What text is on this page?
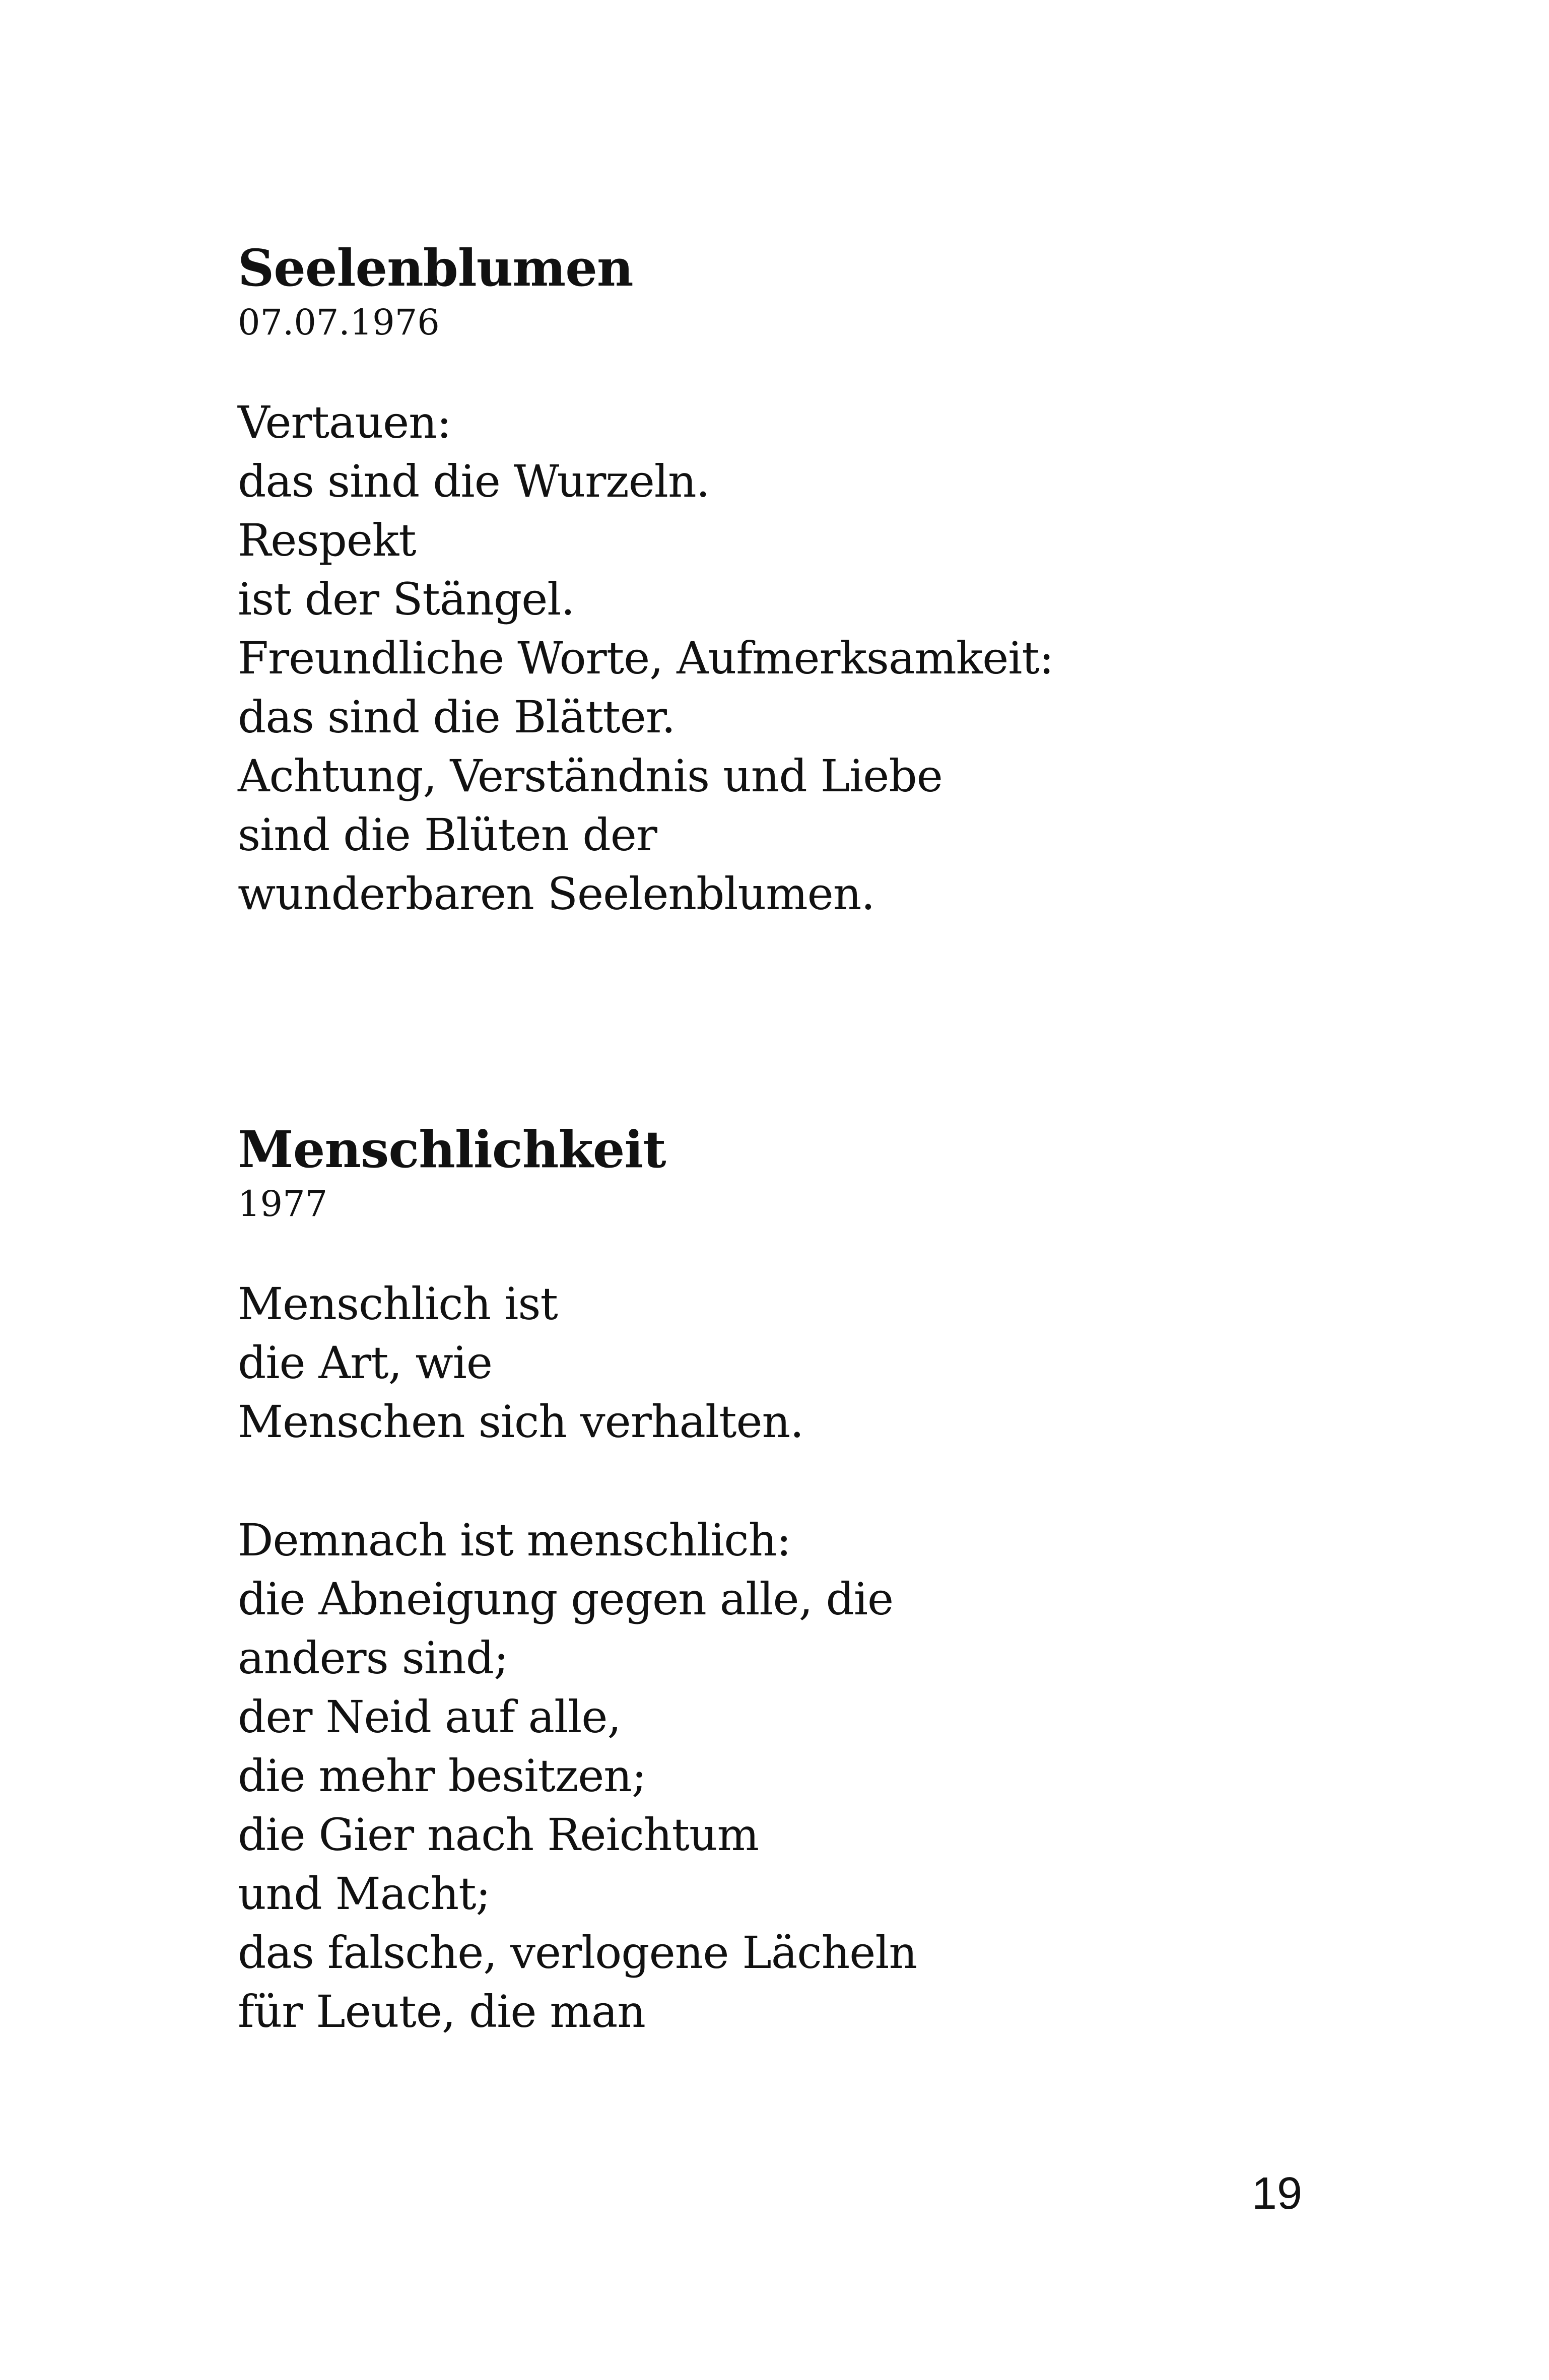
Seelenblumen

07.07.1976

Vertauen:
das sind die Wurzeln.
Respekt
ist der Stängel.
Freundliche Worte, Aufmerksamkeit:
das sind die Blätter.
Achtung, Verständnis und Liebe
sind die Blüten der
wunderbaren Seelenblumen.
Menschlichkeit

1977

Menschlich ist
die Art, wie
Menschen sich verhalten.
Demnach ist menschlich:
die Abneigung gegen alle, die
anders sind;
der Neid auf alle,
die mehr besitzen;
die Gier nach Reichtum
und Macht;
das falsche, verlogene Lächeln
für Leute, die man
19
